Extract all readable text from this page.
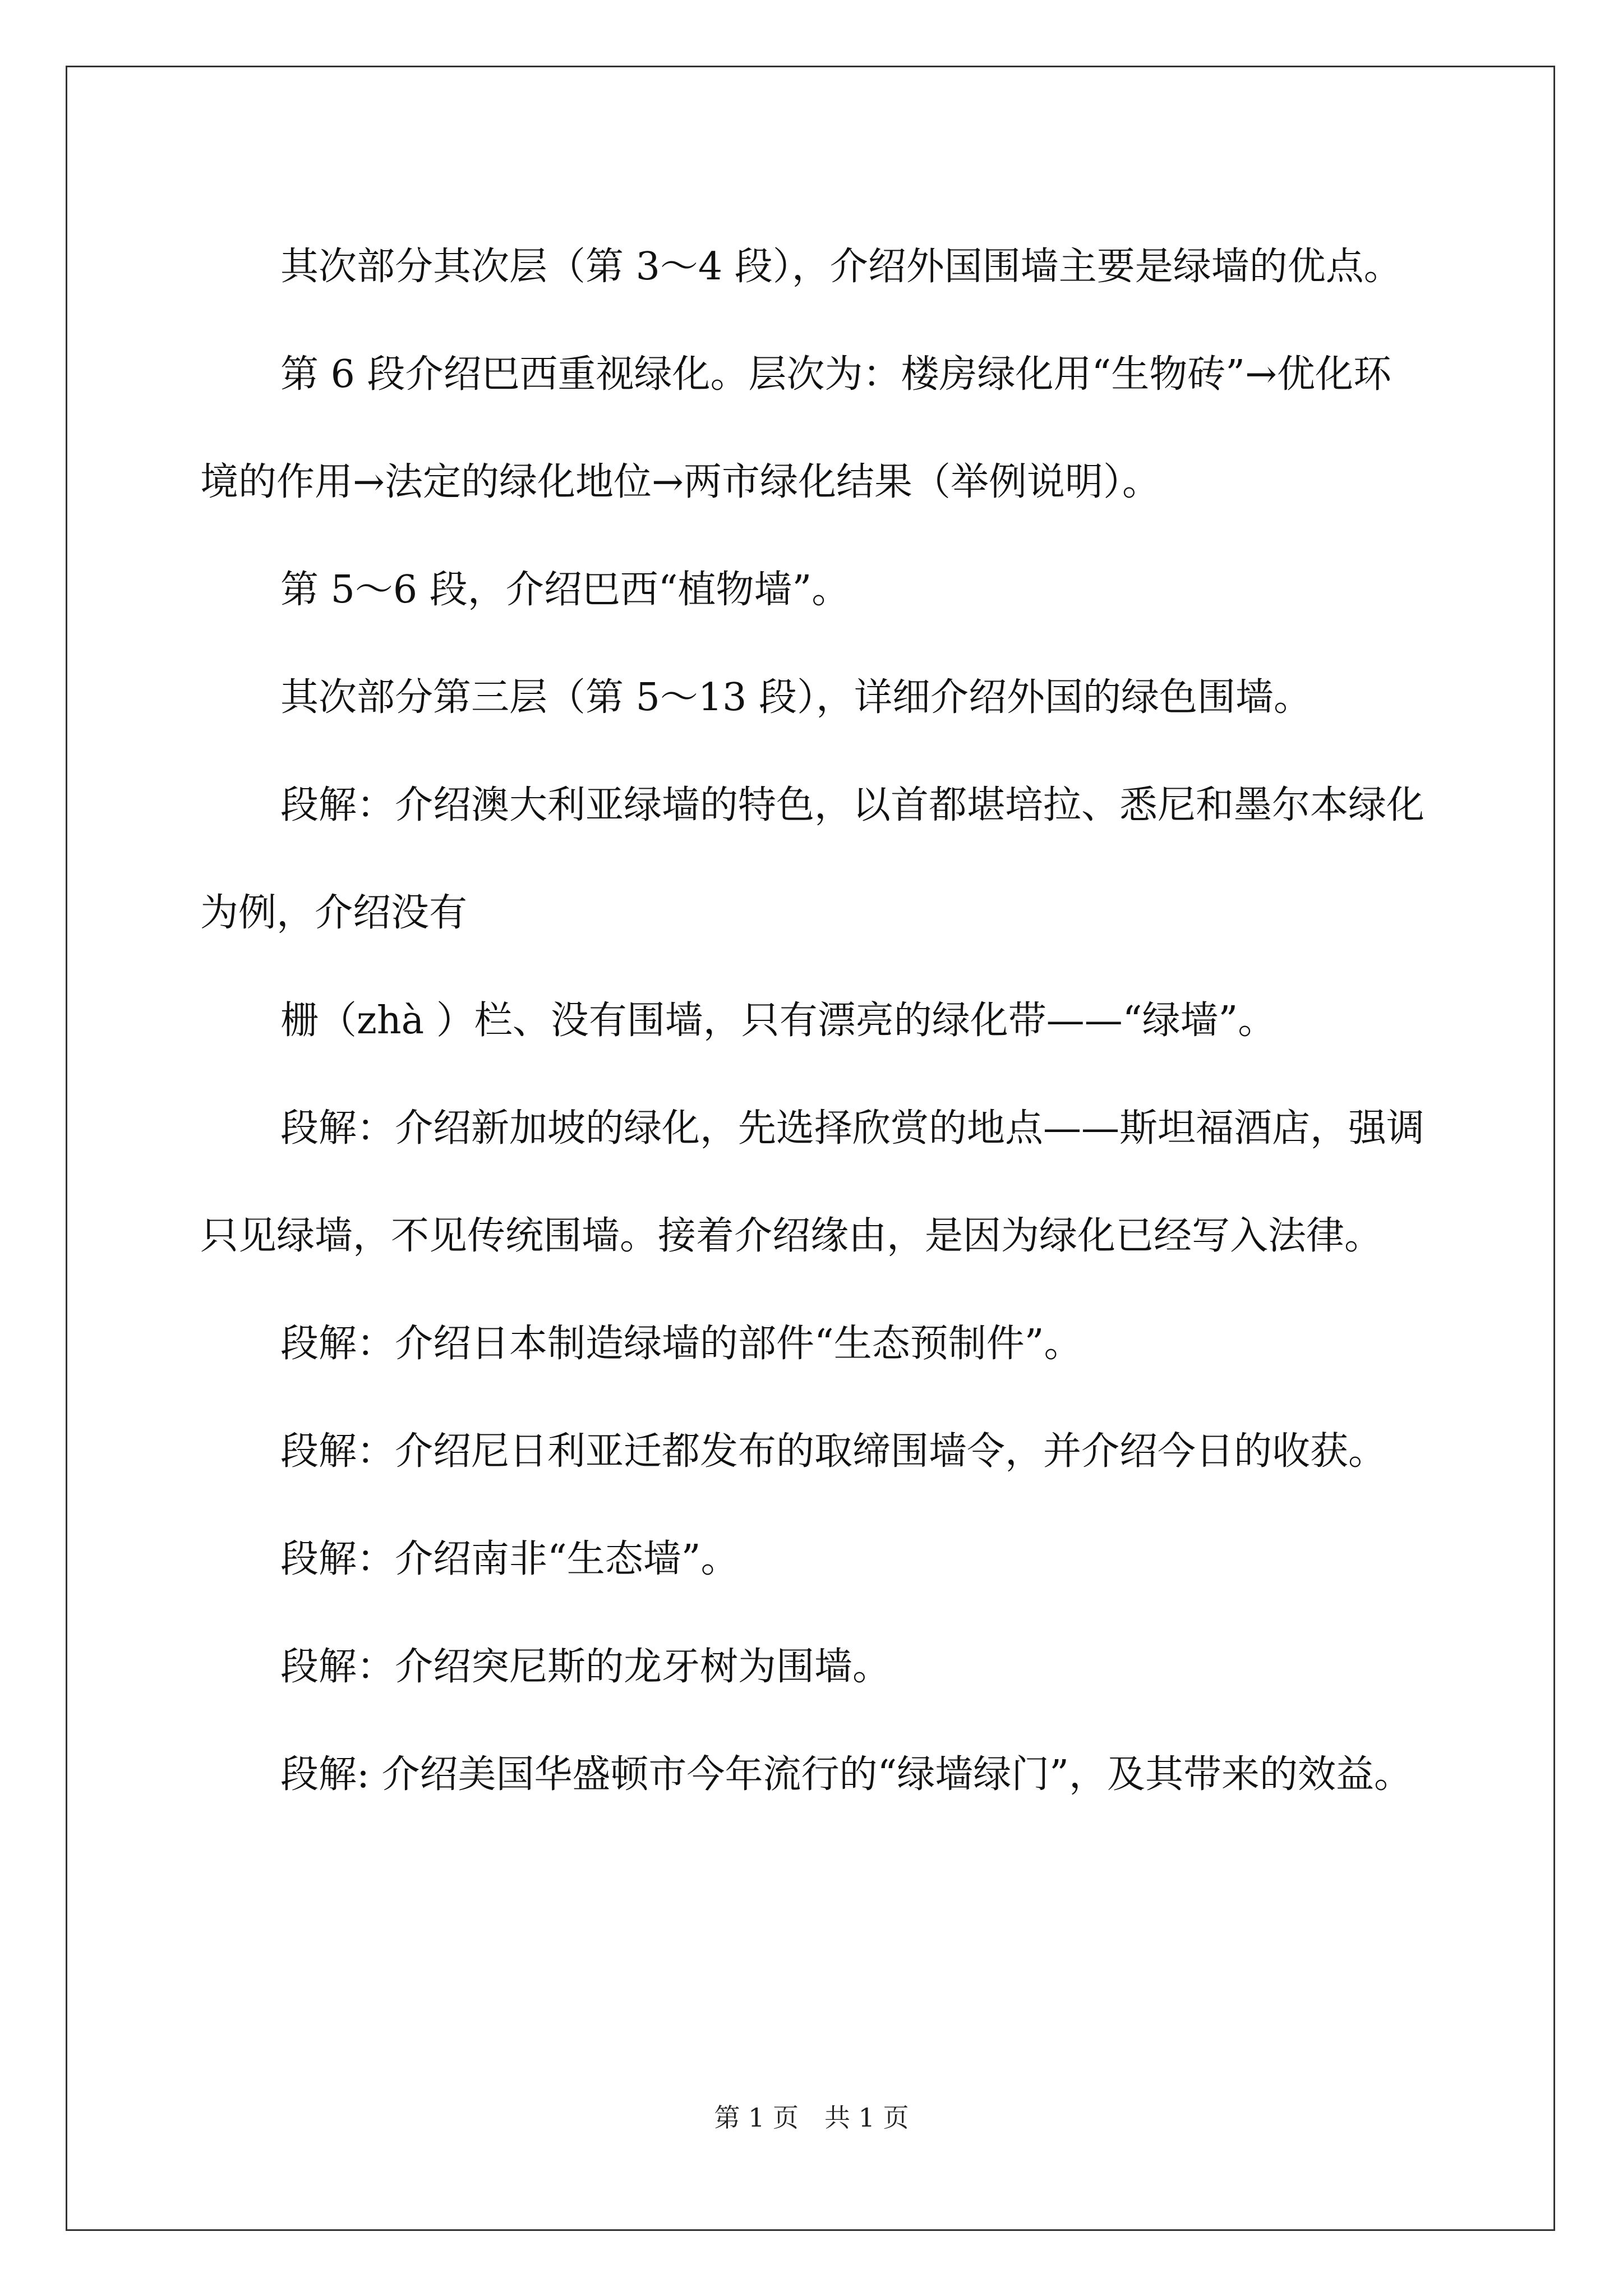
其次部分其次层（第 3～4 段），介绍外国围墙主要是绿墙的优点。

第 6 段介绍巴西重视绿化。层次为：楼房绿化用“生物砖”→优化环境的作用→法定的绿化地位→两市绿化结果（举例说明）。

第 5～6 段，介绍巴西“植物墙”。

其次部分第三层（第 5～13 段），详细介绍外国的绿色围墙。

段解：介绍澳大利亚绿墙的特色，以首都堪培拉、悉尼和墨尔本绿化为例，介绍没有

栅（zhà ）栏、没有围墙，只有漂亮的绿化带——“绿墙”。

段解：介绍新加坡的绿化，先选择欣赏的地点——斯坦福酒店，强调只见绿墙，不见传统围墙。接着介绍缘由，是因为绿化已经写入法律。

段解：介绍日本制造绿墙的部件“生态预制件”。

段解：介绍尼日利亚迁都发布的取缔围墙令，并介绍今日的收获。

段解：介绍南非“生态墙”。

段解：介绍突尼斯的龙牙树为围墙。

段解: 介绍美国华盛顿市今年流行的“绿墙绿门”，及其带来的效益。

第 1 页　共 1 页
